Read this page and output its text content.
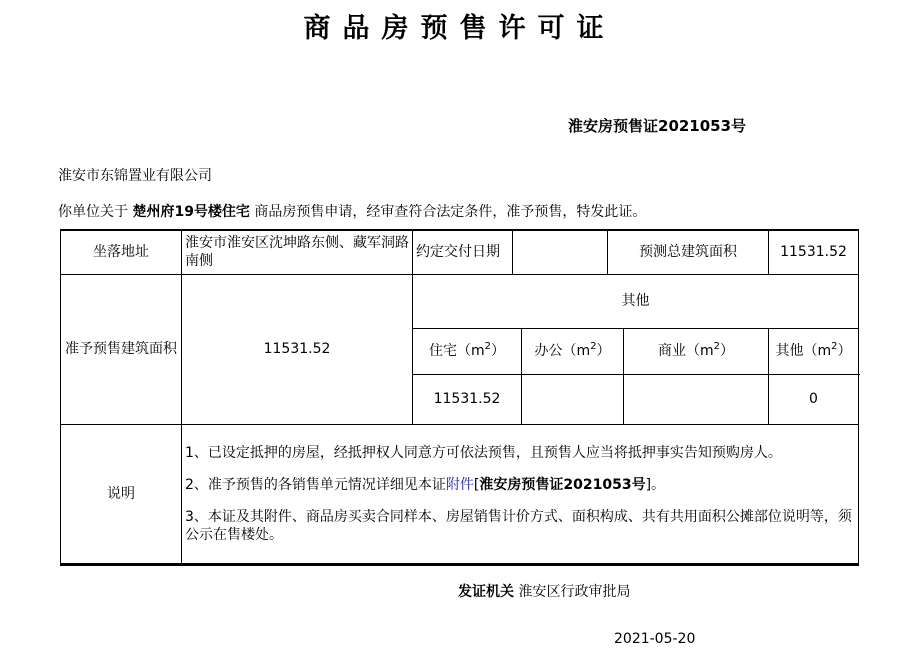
商品房预售许可证
淮安房预售证2021053号
淮安市东锦置业有限公司
你单位关于 楚州府19号楼住宅 商品房预售申请，经审查符合法定条件，准予预售，特发此证。
坐落地址	淮安市淮安区沈坤路东侧、藏军洞路南侧	约定交付日期			预测总建筑面积		11531.52
准予预售建筑面积	11531.52	其他					
		住宅$(m^2)$		办公$(m^2)$		商业$(m^2)$	其他$(m^2)$
		11531.52					0
说明	1、已设定抵押的房屋，经抵押权人同意方可依法预售，且预售人应当将抵押事实告知预购房人。

2、准予预售的各销售单元情况详细见本证附件[淮安房预售证2021053号]。

3、本证及其附件、商品房买卖合同样本、房屋销售计价方式、面积构成、共有共用面积公摊部位说明等，须公示在售楼处。						

发证机关 淮安区行政审批局
2021-05-20
